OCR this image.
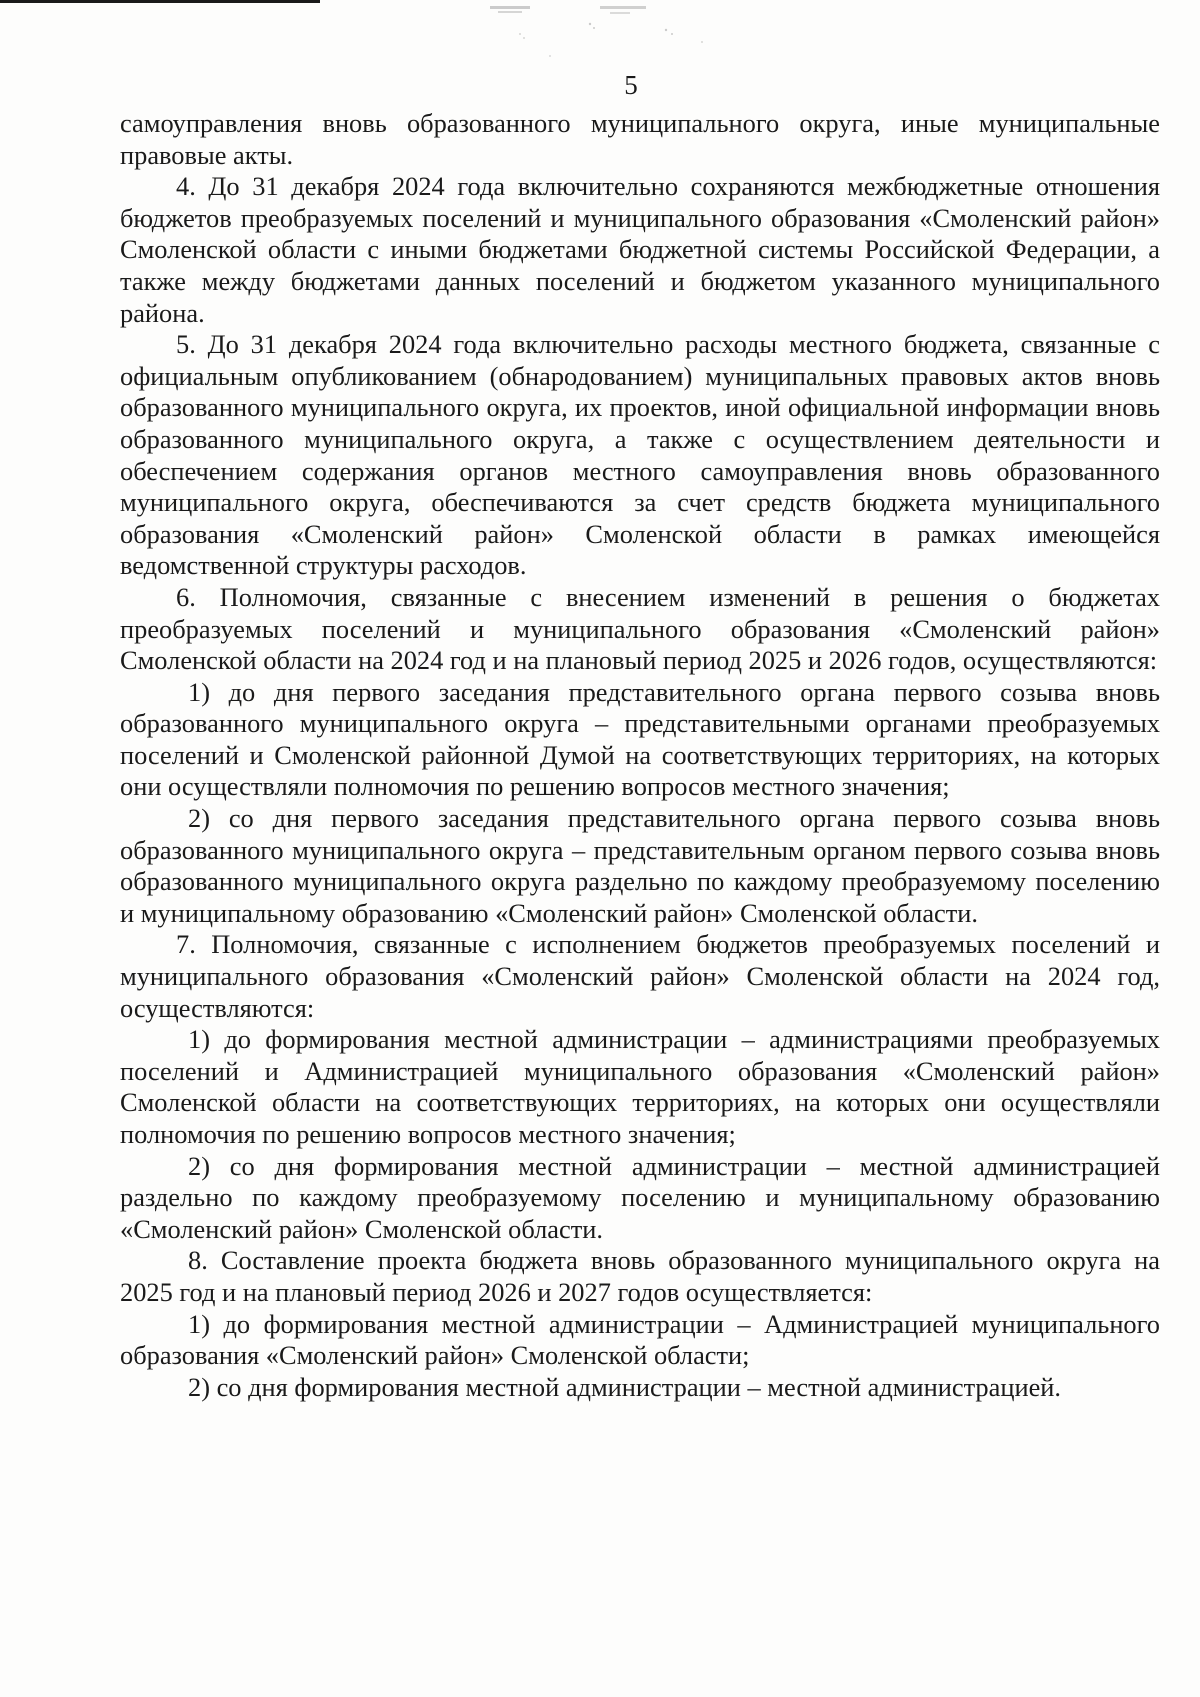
5

самоуправления вновь образованного муниципального округа, иные муниципальные правовые акты.

4. До 31 декабря 2024 года включительно сохраняются межбюджетные отношения бюджетов преобразуемых поселений и муниципального образования «Смоленский район» Смоленской области с иными бюджетами бюджетной системы Российской Федерации, а также между бюджетами данных поселений и бюджетом указанного муниципального района.

5. До 31 декабря 2024 года включительно расходы местного бюджета, связанные с официальным опубликованием (обнародованием) муниципальных правовых актов вновь образованного муниципального округа, их проектов, иной официальной информации вновь образованного муниципального округа, а также с осуществлением деятельности и обеспечением содержания органов местного самоуправления вновь образованного муниципального округа, обеспечиваются за счет средств бюджета муниципального образования «Смоленский район» Смоленской области в рамках имеющейся ведомственной структуры расходов.

6. Полномочия, связанные с внесением изменений в решения о бюджетах преобразуемых поселений и муниципального образования «Смоленский район» Смоленской области на 2024 год и на плановый период 2025 и 2026 годов, осуществляются:

1) до дня первого заседания представительного органа первого созыва вновь образованного муниципального округа – представительными органами преобразуемых поселений и Смоленской районной Думой на соответствующих территориях, на которых они осуществляли полномочия по решению вопросов местного значения;

2) со дня первого заседания представительного органа первого созыва вновь образованного муниципального округа – представительным органом первого созыва вновь образованного муниципального округа раздельно по каждому преобразуемому поселению и муниципальному образованию «Смоленский район» Смоленской области.

7. Полномочия, связанные с исполнением бюджетов преобразуемых поселений и муниципального образования «Смоленский район» Смоленской области на 2024 год, осуществляются:

1) до формирования местной администрации – администрациями преобразуемых поселений и Администрацией муниципального образования «Смоленский район» Смоленской области на соответствующих территориях, на которых они осуществляли полномочия по решению вопросов местного значения;

2) со дня формирования местной администрации – местной администрацией раздельно по каждому преобразуемому поселению и муниципальному образованию «Смоленский район» Смоленской области.

8. Составление проекта бюджета вновь образованного муниципального округа на 2025 год и на плановый период 2026 и 2027 годов осуществляется:

1) до формирования местной администрации – Администрацией муниципального образования «Смоленский район» Смоленской области;

2) со дня формирования местной администрации – местной администрацией.
